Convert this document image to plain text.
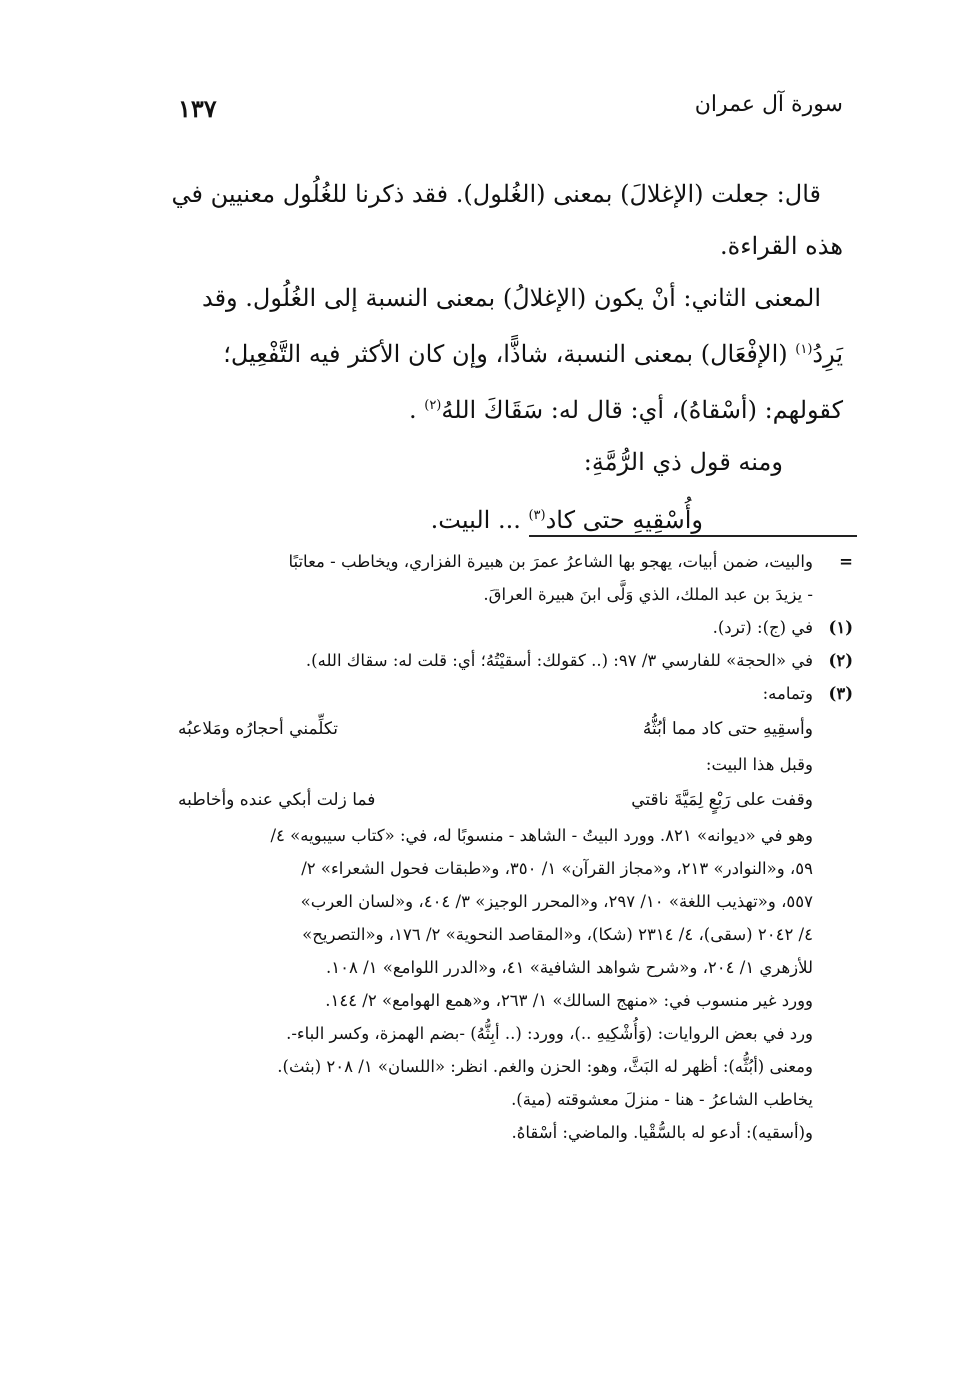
سورة آل عمران
١٣٧

قال: جعلت (الإغلالَ) بمعنى (الغُلول). فقد ذكرنا للغُلُول معنيين في

هذه القراءة.

المعنى الثاني: أنْ يكون (الإغلالُ) بمعنى النسبة إلى الغُلُول. وقد

يَرِدُ$^{(١)}$ (الإفْعَال) بمعنى النسبة، شاذًّا، وإن كان الأكثر فيه التَّفْعِيل؛

كقولهم: (أسْقاهُ)، أي: قال له: سَقَاكَ اللهُ$^{(٢)}$ .

ومنه قول ذي الرُّمَّةِ:
وأُسْقِيهِ حتى كاد$^{(٣)}$ ... البيت.

=والبيت، ضمن أبيات، يهجو بها الشاعرُ عمرَ بن هبيرة الفزاري، ويخاطب - معاتبًا

- يزيدَ بن عبد الملك، الذي وَلَّى ابنَ هبيرة العراقَ.

(١)في (ج): (ترد).

(٢)في «الحجة» للفارسي ٣/ ٩٧: (.. كقولك: أسقيْتُهُ؛ أي: قلت له: سقاك الله).

(٣)وتمامه:

وأسقِيهِ حتى كاد مما أبُثُّهُ
تكلِّمني أحجارُه ومَلاعبُه

وقبل هذا البيت:

وقفت على رَبْعٍ لِمَيَّةَ ناقتي
فما زلت أبكي عنده وأخاطبه

وهو في «ديوانه» ٨٢١. وورد البيتُ - الشاهد - منسوبًا له، في: «كتاب سيبويه» ٤/

٥٩، و«النوادر» ٢١٣، و«مجاز القرآن» ١/ ٣٥٠، و«طبقات فحول الشعراء» ٢/

٥٥٧، و«تهذيب اللغة» ١٠/ ٢٩٧، و«المحرر الوجيز» ٣/ ٤٠٤، و«لسان العرب»

٤/ ٢٠٤٢ (سقى)، ٤/ ٢٣١٤ (شكا)، و«المقاصد النحوية» ٢/ ١٧٦، و«التصريح»

للأزهري ١/ ٢٠٤، و«شرح شواهد الشافية» ٤١، و«الدرر اللوامع» ١/ ١٠٨.

وورد غير منسوب في: «منهج السالك» ١/ ٢٦٣، و«همع الهوامع» ٢/ ١٤٤.

ورد في بعض الروايات: (وَأُشْكِيهِ ..)، وورد: (.. أبِثُّهُ) -بضم الهمزة، وكسر الباء-.

ومعنى (أبُثُّه): أظهر له البَثَّ، وهو: الحزن والغم. انظر: «اللسان» ١/ ٢٠٨ (بثث).

يخاطب الشاعرُ - هنا - منزلَ معشوقته (مية).

و(أسقيه): أدعو له بالسُّقْيا. والماضي: أسْقاهُ.
